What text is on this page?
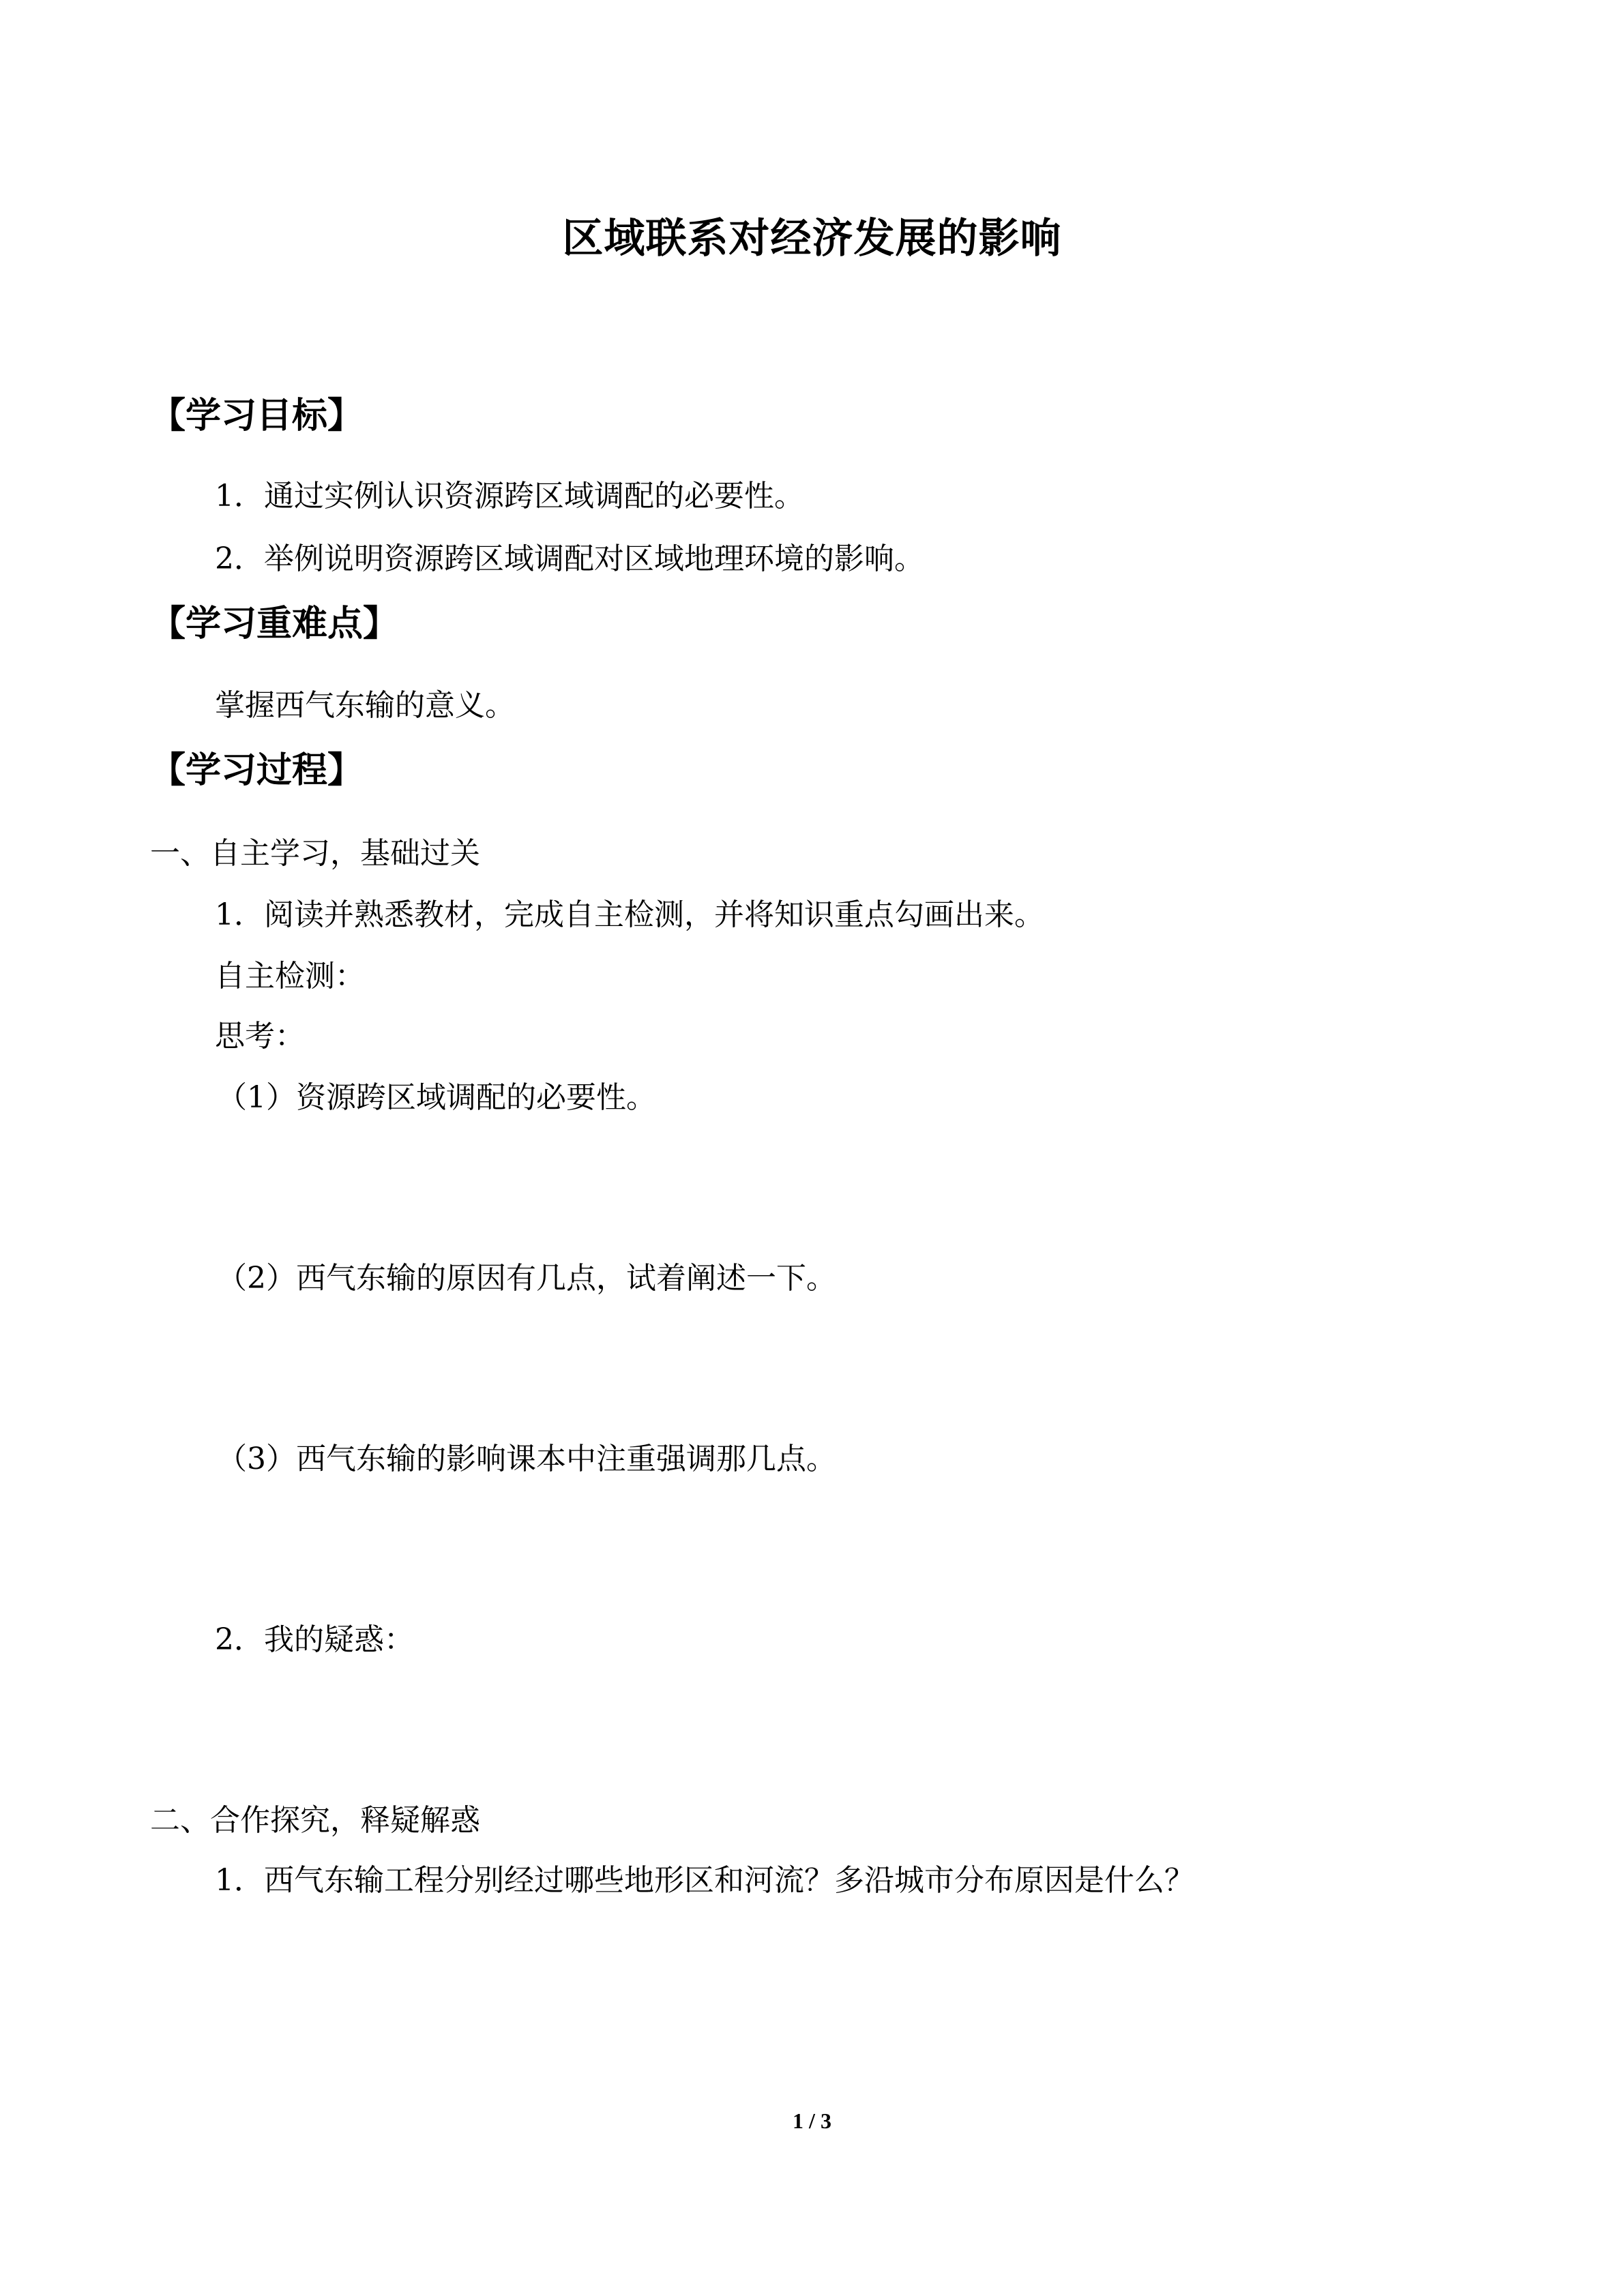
区域联系对经济发展的影响
【学习目标】
1．通过实例认识资源跨区域调配的必要性。
2．举例说明资源跨区域调配对区域地理环境的影响。
【学习重难点】
掌握西气东输的意义。
【学习过程】
一、自主学习，基础过关
1．阅读并熟悉教材，完成自主检测，并将知识重点勾画出来。
自主检测：
思考：
（1）资源跨区域调配的必要性。
（2）西气东输的原因有几点，试着阐述一下。
（3）西气东输的影响课本中注重强调那几点。
2．我的疑惑：
二、合作探究，释疑解惑
1．西气东输工程分别经过哪些地形区和河流？多沿城市分布原因是什么？
1 / 3
